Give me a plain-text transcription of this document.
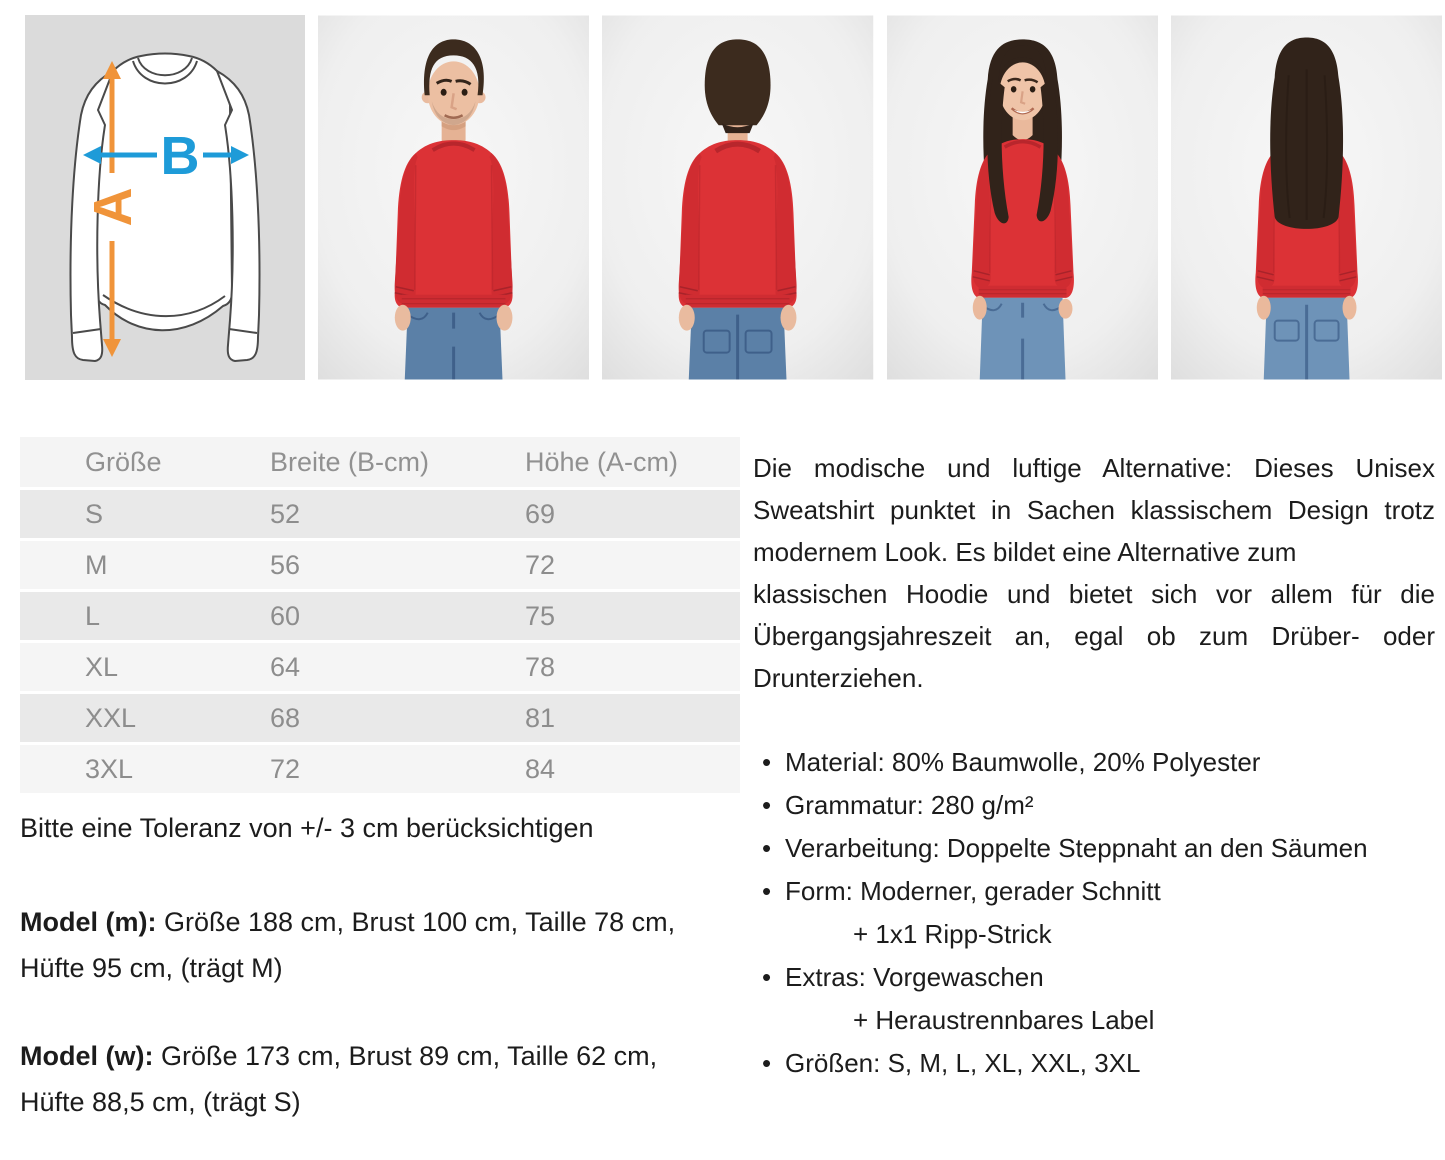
A
B
Größe	Breite (B-cm)	Höhe (A-cm)
S	52	69
M	56	72
L	60	75
XL	64	78
XXL	68	81
3XL	72	84
Bitte eine Toleranz von +/- 3 cm berücksichtigen
Model (m): Größe 188 cm, Brust 100 cm, Taille 78 cm, Hüfte 95 cm, (trägt M)
Model (w): Größe 173 cm, Brust 89 cm, Taille 62 cm, Hüfte 88,5 cm, (trägt S)

Die modische und luftige Alternative: Dieses Unisex Sweatshirt punktet in Sachen klassischem Design trotz modernem Look. Es bildet eine Alternative zum

klassischen Hoodie und bietet sich vor allem für die Übergangsjahreszeit an, egal ob zum Drüber- oder Drunterziehen.

• Material: 80% Baumwolle, 20% Polyester
• Grammatur: 280 g/m²
• Verarbeitung: Doppelte Steppnaht an den Säumen
• Form: Moderner, gerader Schnitt
+ 1x1 Ripp-Strick
• Extras: Vorgewaschen
+ Heraustrennbares Label
• Größen: S, M, L, XL, XXL, 3XL
